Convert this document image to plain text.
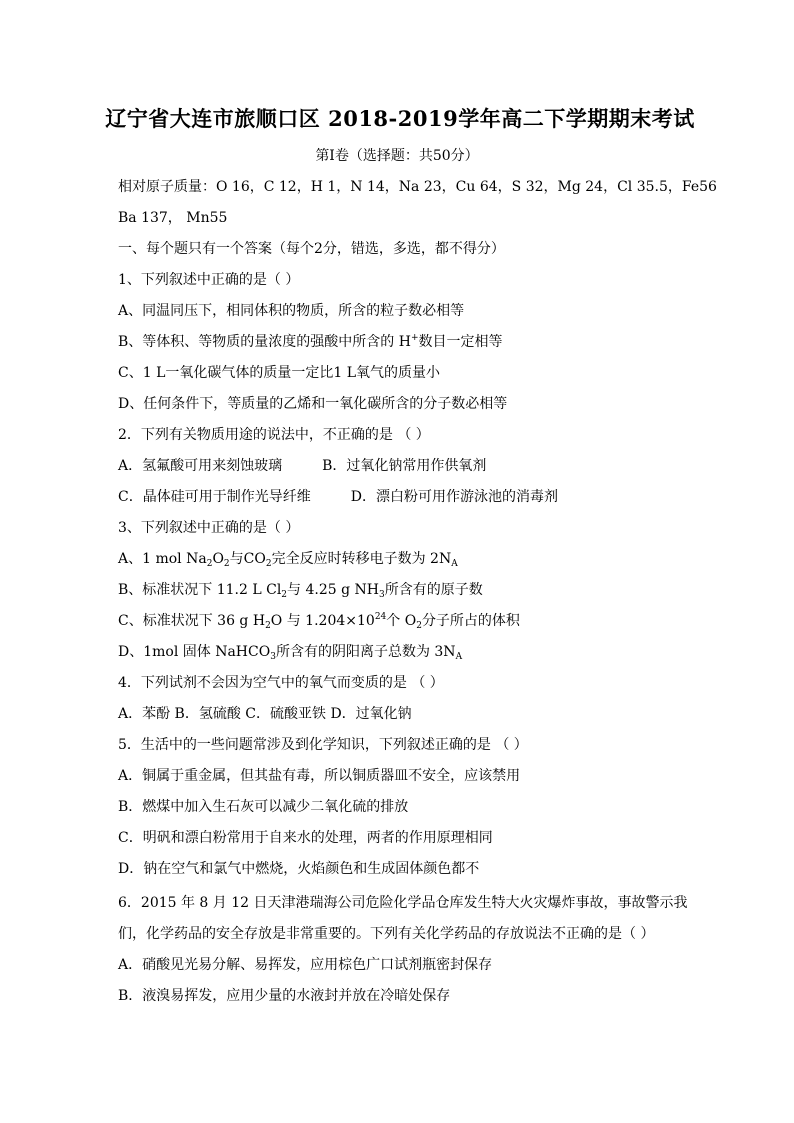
辽宁省大连市旅顺口区 2018-2019学年高二下学期期末考试
第Ⅰ卷（选择题：共50分）
相对原子质量：O 16，C 12，H 1，N 14，Na 23，Cu 64，S 32，Mg 24，Cl 35.5，Fe56
Ba 137， Mn55
一、每个题只有一个答案（每个2分，错选，多选，都不得分）
1、下列叙述中正确的是（ ）
A、同温同压下，相同体积的物质，所含的粒子数必相等
B、等体积、等物质的量浓度的强酸中所含的 H+数目一定相等
C、1 L一氧化碳气体的质量一定比1 L氧气的质量小
D、任何条件下，等质量的乙烯和一氧化碳所含的分子数必相等
2．下列有关物质用途的说法中，不正确的是 （ ）
A．氢氟酸可用来刻蚀玻璃	B．过氧化钠常用作供氧剂
C．晶体硅可用于制作光导纤维	D．漂白粉可用作游泳池的消毒剂
3、下列叙述中正确的是（ ）
A、1 mol $Na_2O_2$与$CO_2$完全反应时转移电子数为 $2N_A$
B、标准状况下 11.2 L $Cl_2$与 4.25 g $NH_3$所含有的原子数
C、标准状况下 36 g $H_2O$ 与 $1.204\times 10^{24}$个 $O_2$分子所占的体积
D、1mol 固体 NaHCO$_3$所含有的阴阳离子总数为 $3N_A$
4．下列试剂不会因为空气中的氧气而变质的是 （ ）
A．苯酚 B．氢硫酸 C．硫酸亚铁 D．过氧化钠
5．生活中的一些问题常涉及到化学知识，下列叙述正确的是 （ ）
A．铜属于重金属，但其盐有毒，所以铜质器皿不安全，应该禁用
B．燃煤中加入生石灰可以减少二氧化硫的排放
C．明矾和漂白粉常用于自来水的处理，两者的作用原理相同
D．钠在空气和氯气中燃烧，火焰颜色和生成固体颜色都不
6．2015 年 8 月 12 日天津港瑞海公司危险化学品仓库发生特大火灾爆炸事故，事故警示我
们，化学药品的安全存放是非常重要的。下列有关化学药品的存放说法不正确的是（ ）
A．硝酸见光易分解、易挥发，应用棕色广口试剂瓶密封保存
B．液溴易挥发，应用少量的水液封并放在冷暗处保存
